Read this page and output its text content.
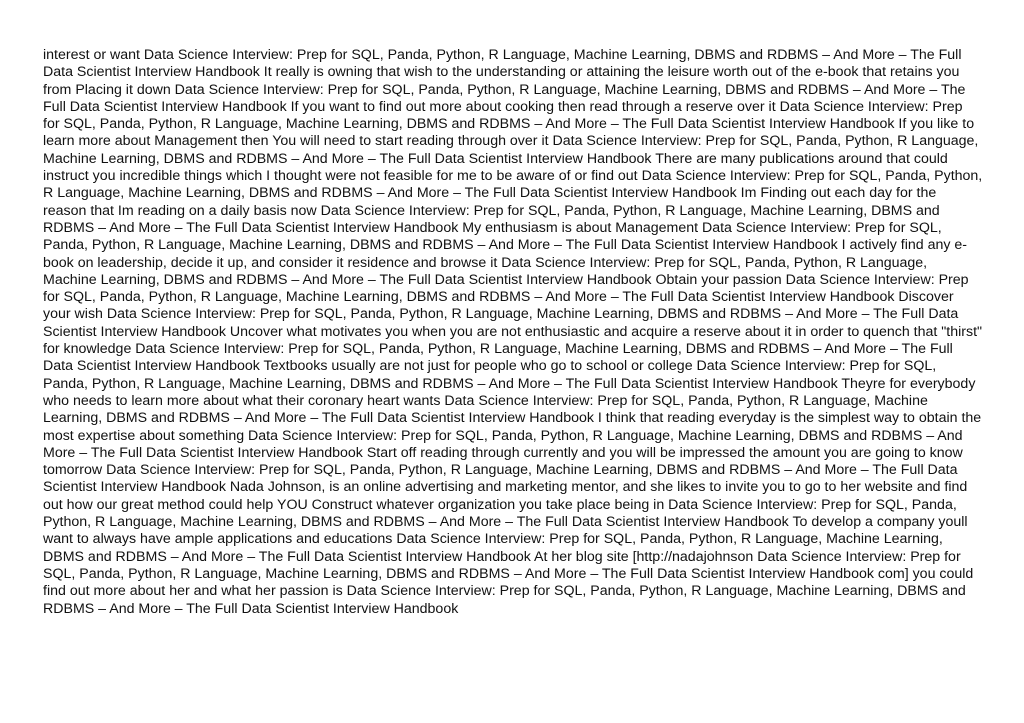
interest or want Data Science Interview: Prep for SQL, Panda, Python, R Language, Machine Learning, DBMS and RDBMS – And More – The Full Data Scientist Interview Handbook It really is owning that wish to the understanding or attaining the leisure worth out of the e-book that retains you from Placing it down Data Science Interview: Prep for SQL, Panda, Python, R Language, Machine Learning, DBMS and RDBMS – And More – The Full Data Scientist Interview Handbook If you want to find out more about cooking then read through a reserve over it Data Science Interview: Prep for SQL, Panda, Python, R Language, Machine Learning, DBMS and RDBMS – And More – The Full Data Scientist Interview Handbook If you like to learn more about Management then You will need to start reading through over it Data Science Interview: Prep for SQL, Panda, Python, R Language, Machine Learning, DBMS and RDBMS – And More – The Full Data Scientist Interview Handbook There are many publications around that could instruct you incredible things which I thought were not feasible for me to be aware of or find out Data Science Interview: Prep for SQL, Panda, Python, R Language, Machine Learning, DBMS and RDBMS – And More – The Full Data Scientist Interview Handbook Im Finding out each day for the reason that Im reading on a daily basis now Data Science Interview: Prep for SQL, Panda, Python, R Language, Machine Learning, DBMS and RDBMS – And More – The Full Data Scientist Interview Handbook My enthusiasm is about Management Data Science Interview: Prep for SQL, Panda, Python, R Language, Machine Learning, DBMS and RDBMS – And More – The Full Data Scientist Interview Handbook I actively find any e-book on leadership, decide it up, and consider it residence and browse it Data Science Interview: Prep for SQL, Panda, Python, R Language, Machine Learning, DBMS and RDBMS – And More – The Full Data Scientist Interview Handbook Obtain your passion Data Science Interview: Prep for SQL, Panda, Python, R Language, Machine Learning, DBMS and RDBMS – And More – The Full Data Scientist Interview Handbook Discover your wish Data Science Interview: Prep for SQL, Panda, Python, R Language, Machine Learning, DBMS and RDBMS – And More – The Full Data Scientist Interview Handbook Uncover what motivates you when you are not enthusiastic and acquire a reserve about it in order to quench that "thirst" for knowledge Data Science Interview: Prep for SQL, Panda, Python, R Language, Machine Learning, DBMS and RDBMS – And More – The Full Data Scientist Interview Handbook Textbooks usually are not just for people who go to school or college Data Science Interview: Prep for SQL, Panda, Python, R Language, Machine Learning, DBMS and RDBMS – And More – The Full Data Scientist Interview Handbook Theyre for everybody who needs to learn more about what their coronary heart wants Data Science Interview: Prep for SQL, Panda, Python, R Language, Machine Learning, DBMS and RDBMS – And More – The Full Data Scientist Interview Handbook I think that reading everyday is the simplest way to obtain the most expertise about something Data Science Interview: Prep for SQL, Panda, Python, R Language, Machine Learning, DBMS and RDBMS – And More – The Full Data Scientist Interview Handbook Start off reading through currently and you will be impressed the amount you are going to know tomorrow Data Science Interview: Prep for SQL, Panda, Python, R Language, Machine Learning, DBMS and RDBMS – And More – The Full Data Scientist Interview Handbook Nada Johnson, is an online advertising and marketing mentor, and she likes to invite you to go to her website and find out how our great method could help YOU Construct whatever organization you take place being in Data Science Interview: Prep for SQL, Panda, Python, R Language, Machine Learning, DBMS and RDBMS – And More – The Full Data Scientist Interview Handbook To develop a company youll want to always have ample applications and educations Data Science Interview: Prep for SQL, Panda, Python, R Language, Machine Learning, DBMS and RDBMS – And More – The Full Data Scientist Interview Handbook At her blog site [http://nadajohnson Data Science Interview: Prep for SQL, Panda, Python, R Language, Machine Learning, DBMS and RDBMS – And More – The Full Data Scientist Interview Handbook com] you could find out more about her and what her passion is Data Science Interview: Prep for SQL, Panda, Python, R Language, Machine Learning, DBMS and RDBMS – And More – The Full Data Scientist Interview Handbook
